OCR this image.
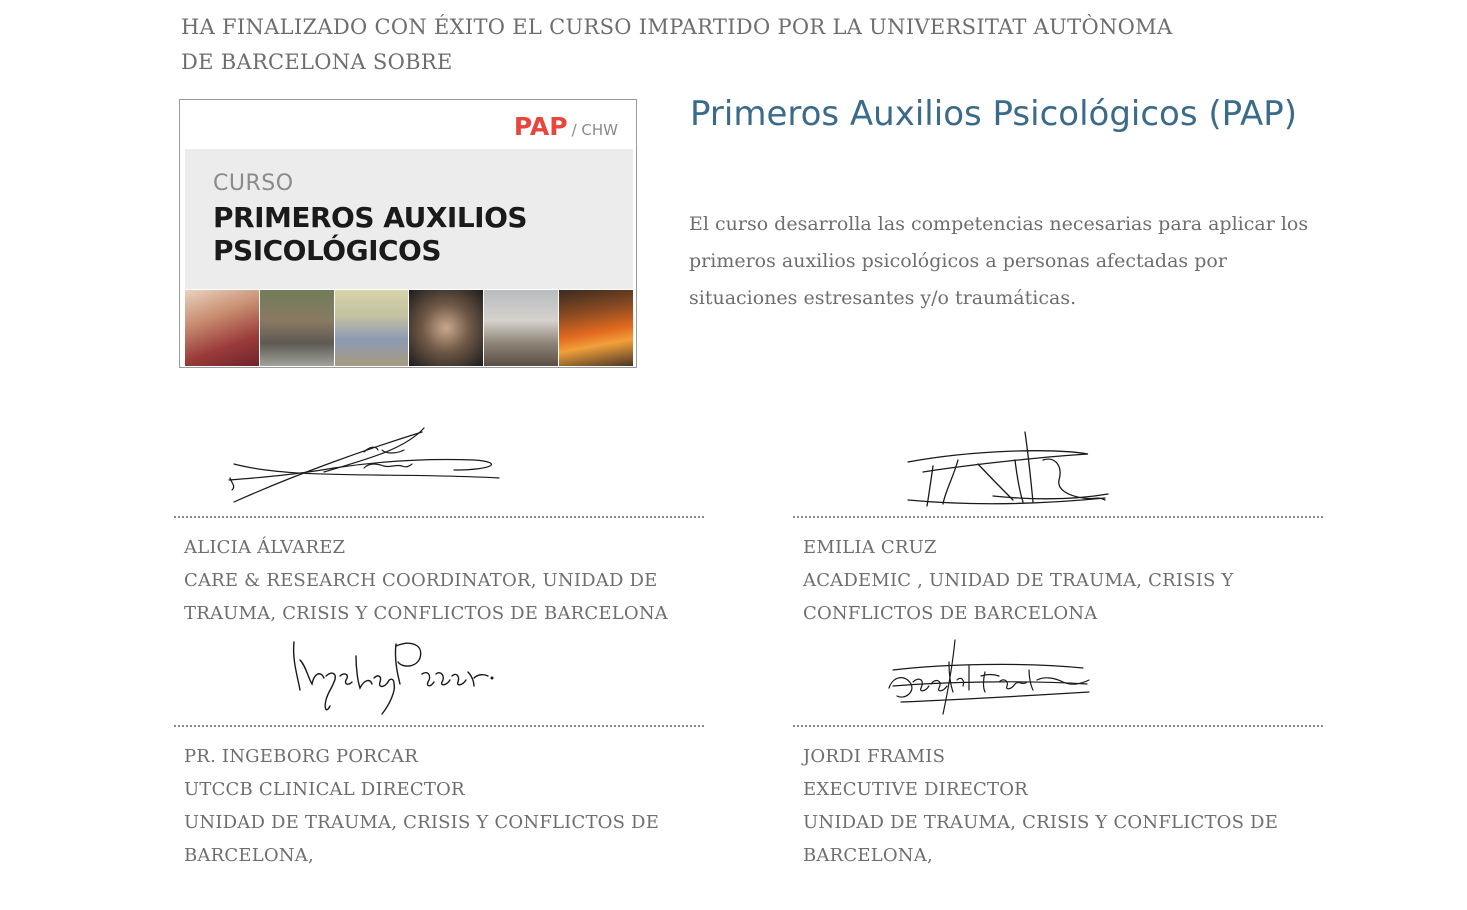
HA FINALIZADO CON ÉXITO EL CURSO IMPARTIDO POR LA UNIVERSITAT AUTÒNOMA DE BARCELONA SOBRE
PAP / CHW
CURSO
PRIMEROS AUXILIOS
PSICOLÓGICOS
Primeros Auxilios Psicológicos (PAP)
El curso desarrolla las competencias necesarias para aplicar los primeros auxilios psicológicos a personas afectadas por situaciones estresantes y/o traumáticas.
ALICIA ÁLVAREZ
CARE & RESEARCH COORDINATOR, UNIDAD DE TRAUMA, CRISIS Y CONFLICTOS DE BARCELONA
EMILIA CRUZ
ACADEMIC , UNIDAD DE TRAUMA, CRISIS Y CONFLICTOS DE BARCELONA
PR. INGEBORG PORCAR
UTCCB CLINICAL DIRECTOR
UNIDAD DE TRAUMA, CRISIS Y CONFLICTOS DE BARCELONA,
JORDI FRAMIS
EXECUTIVE DIRECTOR
UNIDAD DE TRAUMA, CRISIS Y CONFLICTOS DE BARCELONA,
